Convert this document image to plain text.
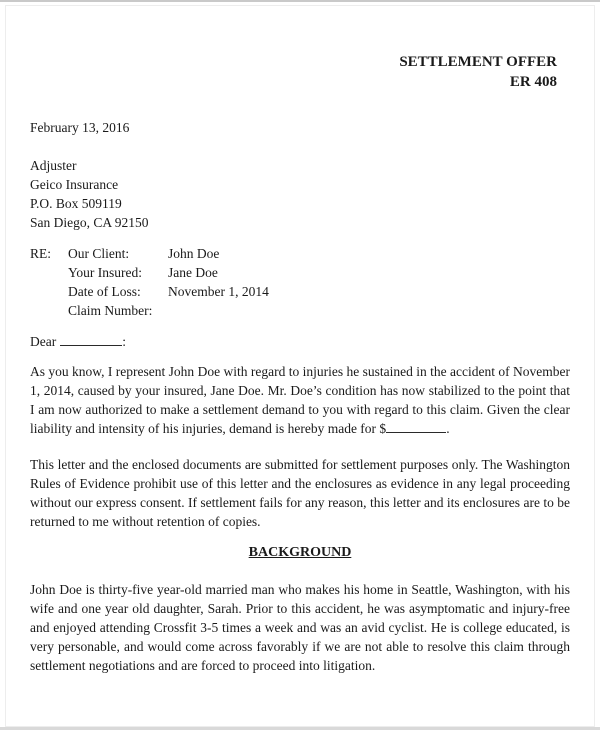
SETTLEMENT OFFER
ER 408
February 13, 2016
Adjuster
Geico Insurance
P.O. Box 509119
San Diego, CA 92150
RE:	Our Client:	John Doe
Your Insured:	Jane Doe
Date of Loss:	November 1, 2014
Claim Number:
Dear	:

As you know, I represent John Doe with regard to injuries he sustained in the accident of November 1, 2014, caused by your insured, Jane Doe. Mr. Doe’s condition has now stabilized to the point that I am now authorized to make a settlement demand to you with regard to this claim. Given the clear liability and intensity of his injuries, demand is hereby made for $	.

This letter and the enclosed documents are submitted for settlement purposes only. The Washington Rules of Evidence prohibit use of this letter and the enclosures as evidence in any legal proceeding without our express consent. If settlement fails for any reason, this letter and its enclosures are to be returned to me without retention of copies.

BACKGROUND

John Doe is thirty-five year-old married man who makes his home in Seattle, Washington, with his wife and one year old daughter, Sarah. Prior to this accident, he was asymptomatic and injury-free and enjoyed attending Crossfit 3-5 times a week and was an avid cyclist. He is college educated, is very personable, and would come across favorably if we are not able to resolve this claim through settlement negotiations and are forced to proceed into litigation.
